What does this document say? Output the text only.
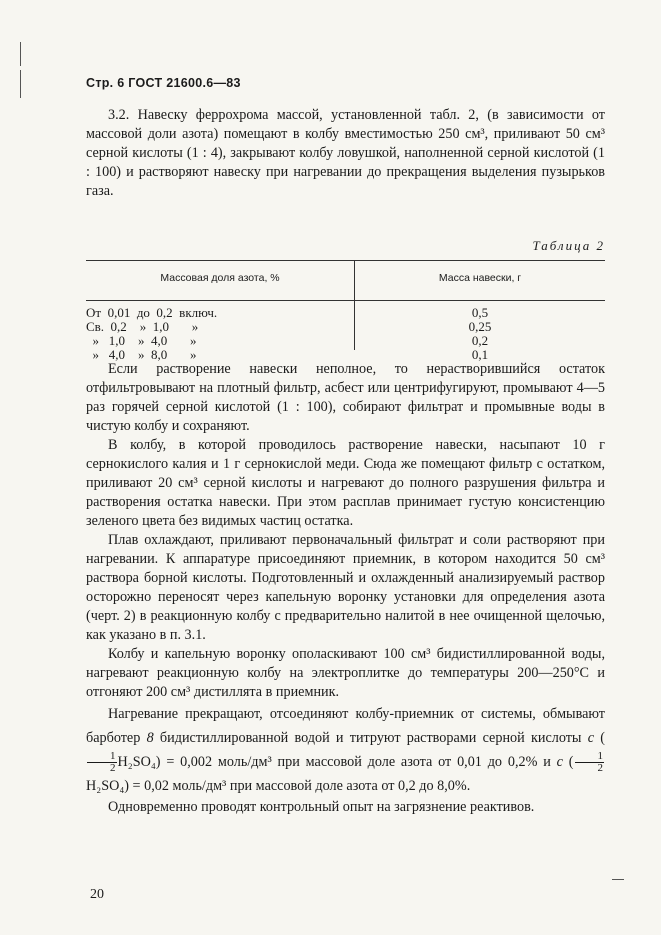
Стр. 6 ГОСТ 21600.6—83

3.2. Навеску феррохрома массой, установленной табл. 2, (в зависимости от массовой доли азота) помещают в колбу вместимостью 250 см³, приливают 50 см³ серной кислоты (1 : 4), закрывают колбу ловушкой, наполненной серной кислотой (1 : 100) и растворяют навеску при нагревании до прекращения выделения пузырьков газа.

Таблица 2
Массовая доля азота, %	Масса навески, г
От  0,01  до  0,2  включ.
Св.  0,2    »  1,0       »
»   1,0    »  4,0       »
»   4,0    »  8,0       »
0,5
0,25
0,2
0,1

Если растворение навески неполное, то нерастворившийся остаток отфильтровывают на плотный фильтр, асбест или центрифугируют, промывают 4—5 раз горячей серной кислотой (1 : 100), собирают фильтрат и промывные воды в чистую колбу и сохраняют.

В колбу, в которой проводилось растворение навески, насыпают 10 г сернокислого калия и 1 г сернокислой меди. Сюда же помещают фильтр с остатком, приливают 20 см³ серной кислоты и нагревают до полного разрушения фильтра и растворения остатка навески. При этом расплав принимает густую консистенцию зеленого цвета без видимых частиц остатка.

Плав охлаждают, приливают первоначальный фильтрат и соли растворяют при нагревании. К аппаратуре присоединяют приемник, в котором находится 50 см³ раствора борной кислоты. Подготовленный и охлажденный анализируемый раствор осторожно переносят через капельную воронку установки для определения азота (черт. 2) в реакционную колбу с предварительно налитой в нее очищенной щелочью, как указано в п. 3.1.

Колбу и капельную воронку ополаскивают 100 см³ бидистиллированной воды, нагревают реакционную колбу на электроплитке до температуры 200—250°С и отгоняют 200 см³ дистиллята в приемник.

Нагревание прекращают, отсоединяют колбу-приемник от системы, обмывают барботер 8 бидистиллированной водой и титруют растворами серной кислоты c (
$\frac{1}{2} H_2SO_4) = 0,002$ моль/дм³ при массовой доле азота от 0,01 до 0,2% и c ( $\frac{1}{2}$
H₂SO₄) = 0,02 моль/дм³ при массовой доле азота от 0,2 до 8,0%.

Одновременно проводят контрольный опыт на загрязнение реактивов.

20
